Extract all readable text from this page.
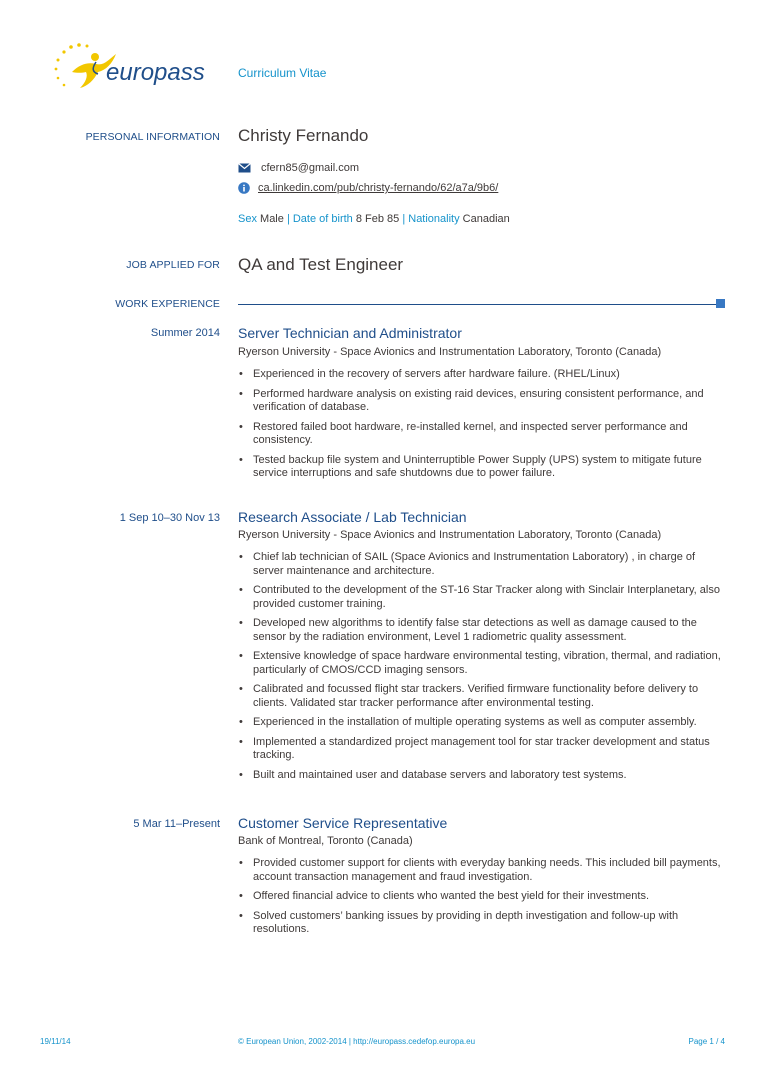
europass	Curriculum Vitae
PERSONAL INFORMATION Christy Fernando
cfern85@gmail.com
ca.linkedin.com/pub/christy-fernando/62/a7a/9b6/
Sex Male | Date of birth 8 Feb 85 | Nationality Canadian
JOB APPLIED FOR QA and Test Engineer
WORK EXPERIENCE
Summer 2014 Server Technician and Administrator
Ryerson University - Space Avionics and Instrumentation Laboratory, Toronto (Canada)
• Experienced in the recovery of servers after hardware failure. (RHEL/Linux)
• Performed hardware analysis on existing raid devices, ensuring consistent performance, and verification of database.
• Restored failed boot hardware, re-installed kernel, and inspected server performance and consistency.
• Tested backup file system and Uninterruptible Power Supply (UPS) system to mitigate future service interruptions and safe shutdowns due to power failure.
1 Sep 10–30 Nov 13 Research Associate / Lab Technician
Ryerson University - Space Avionics and Instrumentation Laboratory, Toronto (Canada)
• Chief lab technician of SAIL (Space Avionics and Instrumentation Laboratory) , in charge of server maintenance and architecture.
• Contributed to the development of the ST-16 Star Tracker along with Sinclair Interplanetary, also provided customer training.
• Developed new algorithms to identify false star detections as well as damage caused to the sensor by the radiation environment, Level 1 radiometric quality assessment.
• Extensive knowledge of space hardware environmental testing, vibration, thermal, and radiation, particularly of CMOS/CCD imaging sensors.
• Calibrated and focussed flight star trackers. Verified firmware functionality before delivery to clients. Validated star tracker performance after environmental testing.
• Experienced in the installation of multiple operating systems as well as computer assembly.
• Implemented a standardized project management tool for star tracker development and status tracking.
• Built and maintained user and database servers and laboratory test systems.
5 Mar 11–Present Customer Service Representative
Bank of Montreal, Toronto (Canada)
• Provided customer support for clients with everyday banking needs. This included bill payments, account transaction management and fraud investigation.
• Offered financial advice to clients who wanted the best yield for their investments.
• Solved customers’ banking issues by providing in depth investigation and follow-up with resolutions.
19/11/14	© European Union, 2002-2014 | http://europass.cedefop.europa.eu	Page 1 / 4
